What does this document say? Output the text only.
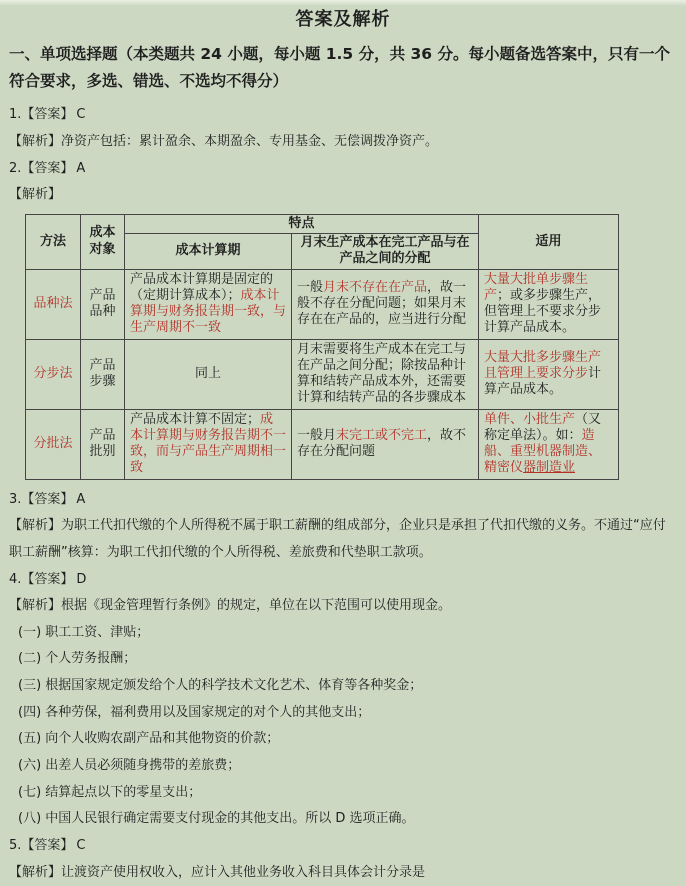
答案及解析

一、单项选择题（本类题共 24 小题，每小题 1.5 分，共 36 分。每小题备选答案中，只有一个符合要求，多选、错选、不选均不得分）

1.【答案】 C

【解析】净资产包括：累计盈余、本期盈余、专用基金、无偿调拨净资产。

2.【答案】 A

【解析】

方法	成本对象	特点		适用
		成本计算期	月末生产成本在完工产品与在产品之间的分配	
品种法	产品品种	产品成本计算期是固定的（定期计算成本）；成本计算期与财务报告期一致，与生产周期不一致	一般月末不存在在产品，故一般不存在分配问题；如果月末存在在产品的，应当进行分配	大量大批单步骤生产；或多步骤生产，但管理上不要求分步计算产品成本。
分步法	产品步骤	同上	月末需要将生产成本在完工与在产品之间分配；除按品种计算和结转产品成本外，还需要计算和结转产品的各步骤成本	大量大批多步骤生产且管理上要求分步计算产品成本。
分批法	产品批别	产品成本计算不固定；成本计算期与财务报告期不一致，而与产品生产周期相一致	一般月末完工或不完工，故不存在分配问题	单件、小批生产（又称定单法）。如：造船、重型机器制造、精密仪器制造业

3.【答案】 A

【解析】为职工代扣代缴的个人所得税不属于职工薪酬的组成部分，企业只是承担了代扣代缴的义务。不通过“应付职工薪酬”核算：为职工代扣代缴的个人所得税、差旅费和代垫职工款项。

4.【答案】 D

【解析】根据《现金管理暂行条例》的规定，单位在以下范围可以使用现金。

(一) 职工工资、津贴；

(二) 个人劳务报酬；

(三) 根据国家规定颁发给个人的科学技术文化艺术、体育等各种奖金；

(四) 各种劳保，福利费用以及国家规定的对个人的其他支出；

(五) 向个人收购农副产品和其他物资的价款；

(六) 出差人员必须随身携带的差旅费；

(七) 结算起点以下的零星支出；

(八) 中国人民银行确定需要支付现金的其他支出。所以 D 选项正确。

5.【答案】 C

【解析】让渡资产使用权收入，应计入其他业务收入科目具体会计分录是
